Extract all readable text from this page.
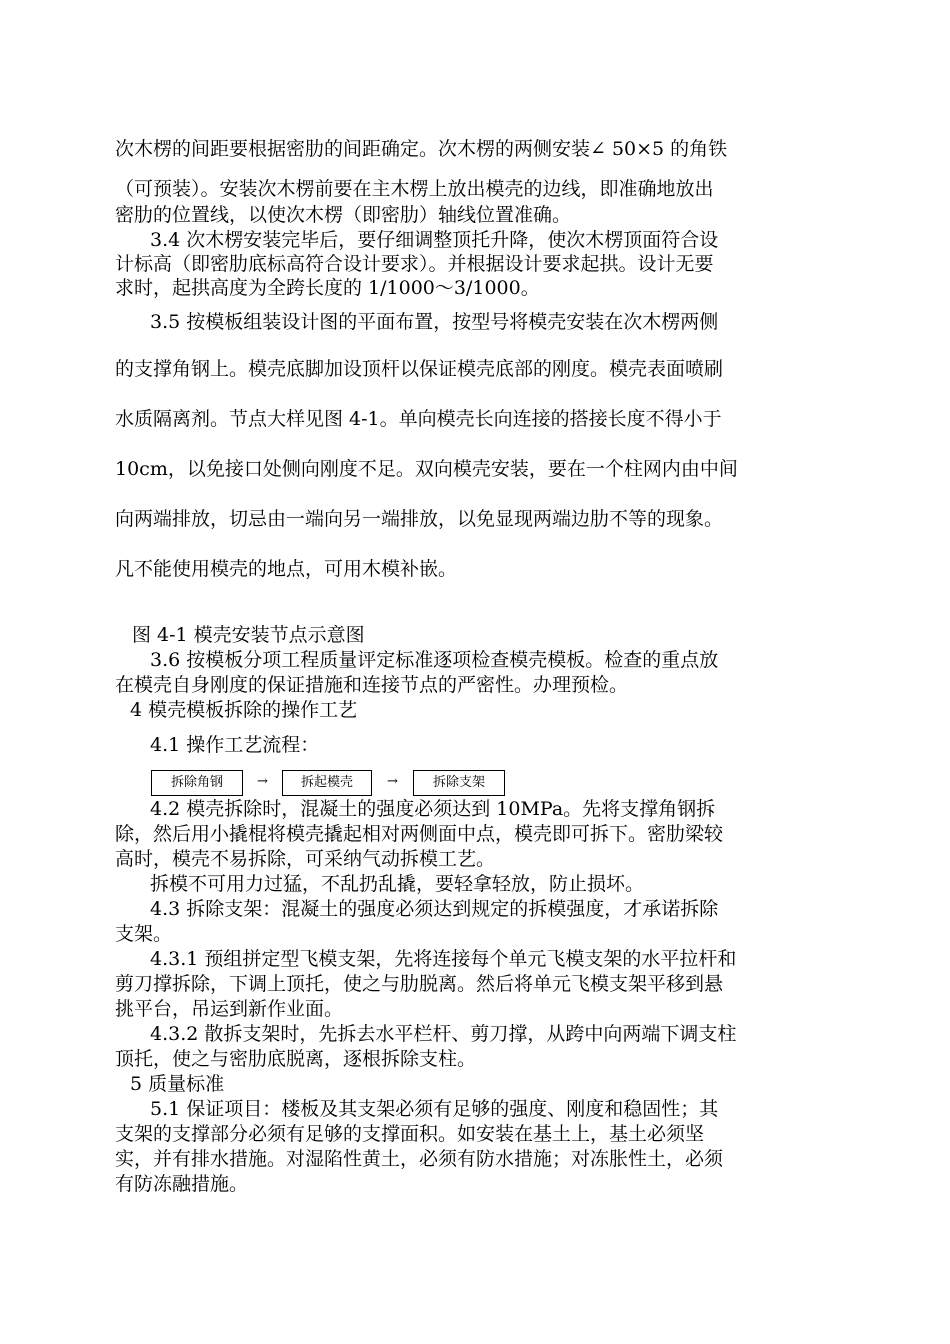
次木楞的间距要根据密肋的间距确定。次木楞的两侧安装∠ 50×5 的角铁
（可预装）。安装次木楞前要在主木楞上放出模壳的边线，即准确地放出
密肋的位置线，以使次木楞（即密肋）轴线位置准确。
3.4 次木楞安装完毕后，要仔细调整顶托升降，使次木楞顶面符合设
计标高（即密肋底标高符合设计要求）。并根据设计要求起拱。设计无要
求时，起拱高度为全跨长度的 1/1000～3/1000。
3.5 按模板组装设计图的平面布置，按型号将模壳安装在次木楞两侧
的支撑角钢上。模壳底脚加设顶杆以保证模壳底部的刚度。模壳表面喷刷
水质隔离剂。节点大样见图 4-1。单向模壳长向连接的搭接长度不得小于
10cm，以免接口处侧向刚度不足。双向模壳安装，要在一个柱网内由中间
向两端排放，切忌由一端向另一端排放，以免显现两端边肋不等的现象。
凡不能使用模壳的地点，可用木模补嵌。
图 4-1 模壳安装节点示意图
3.6 按模板分项工程质量评定标准逐项检查模壳模板。检查的重点放
在模壳自身刚度的保证措施和连接节点的严密性。办理预检。
4 模壳模板拆除的操作工艺
4.1 操作工艺流程：
拆除角钢	→	拆起模壳	→	拆除支架
4.2 模壳拆除时，混凝土的强度必须达到 10MPa。先将支撑角钢拆
除，然后用小撬棍将模壳撬起相对两侧面中点，模壳即可拆下。密肋梁较
高时，模壳不易拆除，可采纳气动拆模工艺。
拆模不可用力过猛，不乱扔乱撬，要轻拿轻放，防止损坏。
4.3 拆除支架：混凝土的强度必须达到规定的拆模强度，才承诺拆除
支架。
4.3.1 预组拼定型飞模支架，先将连接每个单元飞模支架的水平拉杆和
剪刀撑拆除，下调上顶托，使之与肋脱离。然后将单元飞模支架平移到悬
挑平台，吊运到新作业面。
4.3.2 散拆支架时，先拆去水平栏杆、剪刀撑，从跨中向两端下调支柱
顶托，使之与密肋底脱离，逐根拆除支柱。
5 质量标准
5.1 保证项目：楼板及其支架必须有足够的强度、刚度和稳固性；其
支架的支撑部分必须有足够的支撑面积。如安装在基土上，基土必须坚
实，并有排水措施。对湿陷性黄土，必须有防水措施；对冻胀性土，必须
有防冻融措施。
